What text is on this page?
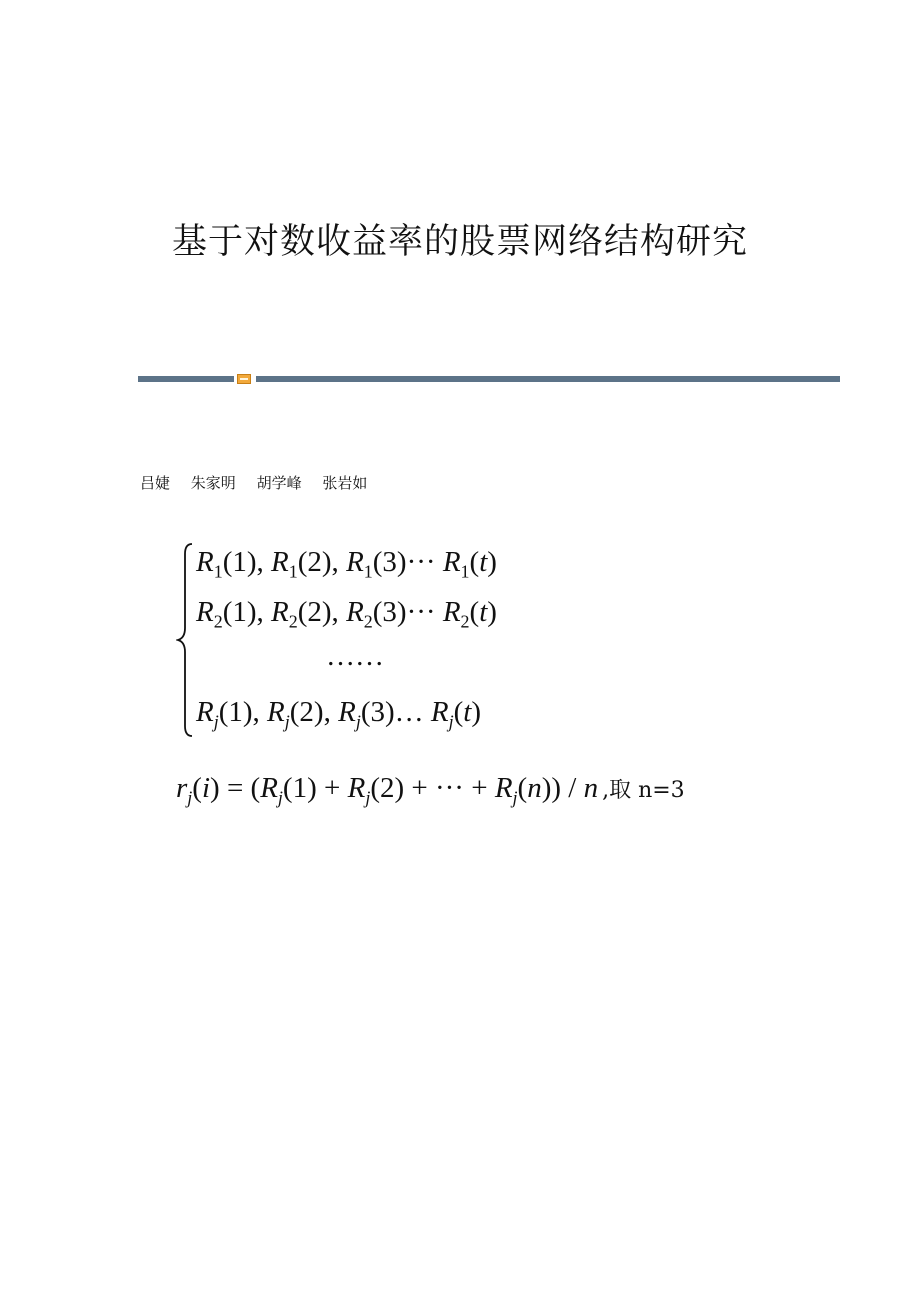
基于对数收益率的股票网络结构研究
吕婕 朱家明 胡学峰 张岩如
$R_1(1)$, $R_1(2)$, $R_1(3)\cdot\cdot\cdot R_1(t)$
$R_2(1)$, $R_2(2)$, $R_2(3)\cdot\cdot\cdot R_2(t)$
……
$R_j(1)$, $R_j(2)$, $R_j(3)\dots$ $R_j(t)$
$r_j(i) = (R_j(1) + R_j(2)$ + ··· + $R_j(n)$) / n ,取 n=3
